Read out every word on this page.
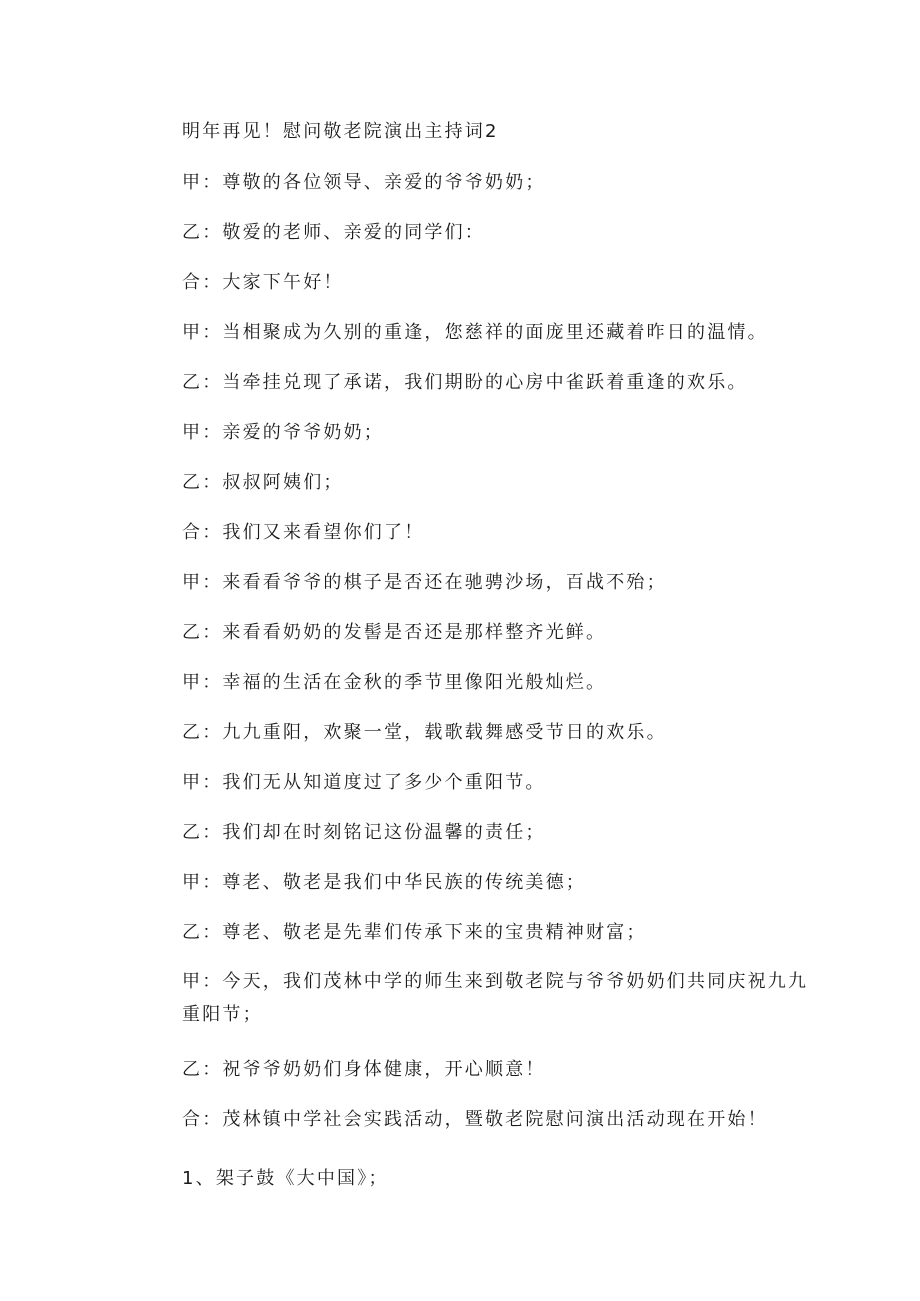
明年再见！慰问敬老院演出主持词2
甲：尊敬的各位领导、亲爱的爷爷奶奶；
乙：敬爱的老师、亲爱的同学们：
合：大家下午好！
甲：当相聚成为久别的重逢，您慈祥的面庞里还藏着昨日的温情。
乙：当牵挂兑现了承诺，我们期盼的心房中雀跃着重逢的欢乐。
甲：亲爱的爷爷奶奶；
乙：叔叔阿姨们；
合：我们又来看望你们了！
甲：来看看爷爷的棋子是否还在驰骋沙场，百战不殆；
乙：来看看奶奶的发髻是否还是那样整齐光鲜。
甲：幸福的生活在金秋的季节里像阳光般灿烂。
乙：九九重阳，欢聚一堂，载歌载舞感受节日的欢乐。
甲：我们无从知道度过了多少个重阳节。
乙：我们却在时刻铭记这份温馨的责任；
甲：尊老、敬老是我们中华民族的传统美德；
乙：尊老、敬老是先辈们传承下来的宝贵精神财富；
甲：今天，我们茂林中学的师生来到敬老院与爷爷奶奶们共同庆祝九九重阳节；
乙：祝爷爷奶奶们身体健康，开心顺意！
合：茂林镇中学社会实践活动，暨敬老院慰问演出活动现在开始！
1、架子鼓《大中国》；
